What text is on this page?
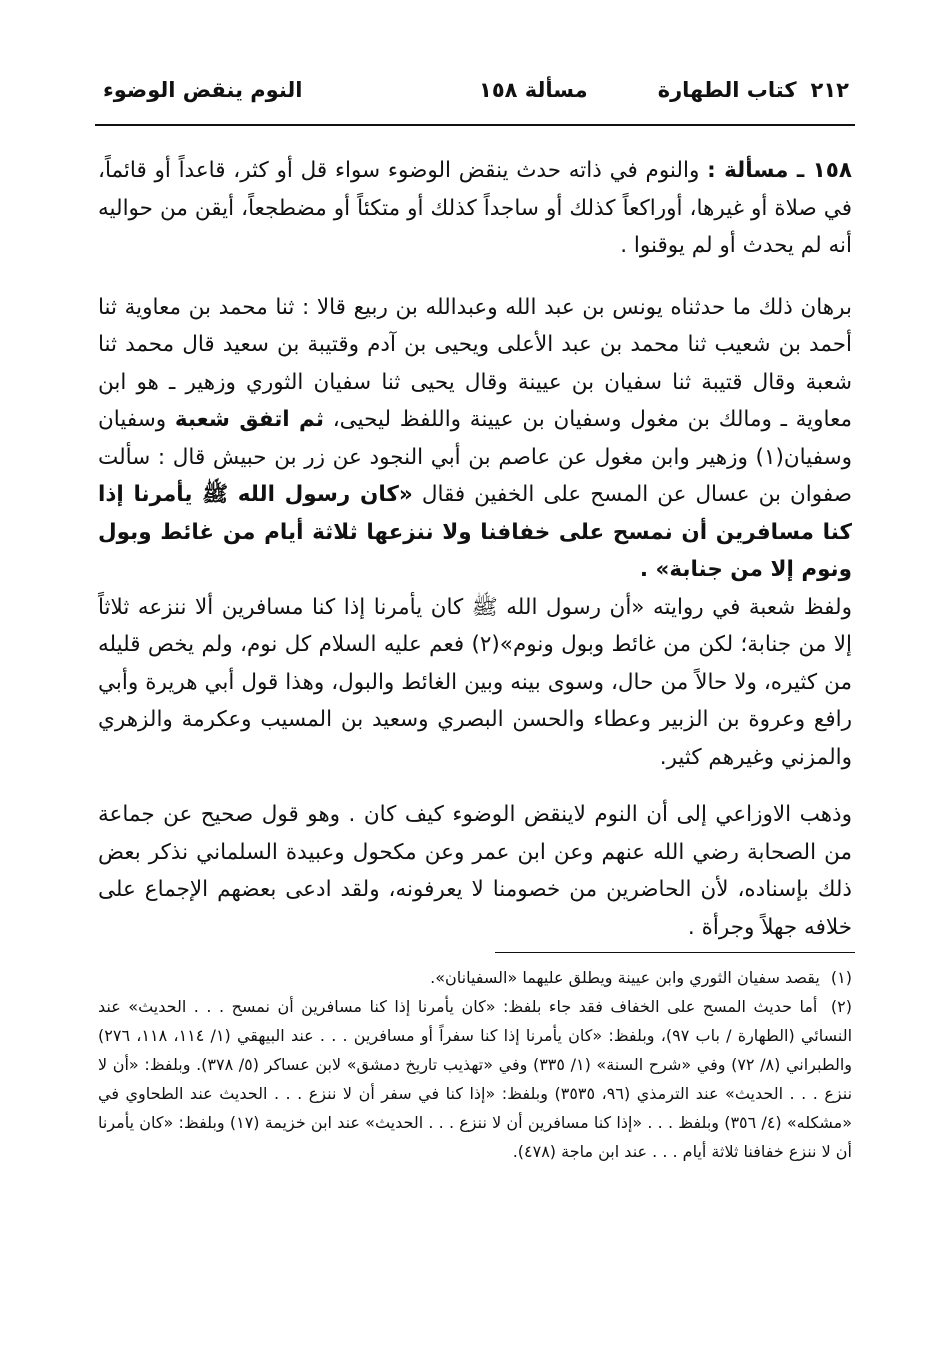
٢١٢
كتاب الطهارة
مسألة ١٥٨
النوم ينقض الوضوء

١٥٨ ـ مسألة : والنوم في ذاته حدث ينقض الوضوء سواء قل أو كثر، قاعداً أو قائماً، في صلاة أو غيرها، أوراكعاً كذلك أو ساجداً كذلك أو متكئاً أو مضطجعاً، أيقن من حواليه أنه لم يحدث أو لم يوقنوا .

برهان ذلك ما حدثناه يونس بن عبد الله وعبدالله بن ربيع قالا : ثنا محمد بن معاوية ثنا أحمد بن شعيب ثنا محمد بن عبد الأعلى ويحيى بن آدم وقتيبة بن سعيد قال محمد ثنا شعبة وقال قتيبة ثنا سفيان بن عيينة وقال يحيى ثنا سفيان الثوري وزهير ـ هو ابن معاوية ـ ومالك بن مغول وسفيان بن عيينة واللفظ ليحيى، ثم اتفق شعبة وسفيان وسفيان(١) وزهير وابن مغول عن عاصم بن أبي النجود عن زر بن حبيش قال : سألت صفوان بن عسال عن المسح على الخفين فقال «كان رسول الله ﷺ يأمرنا إذا كنا مسافرين أن نمسح على خفافنا ولا ننزعها ثلاثة أيام من غائط وبول ونوم إلا من جنابة» .

ولفظ شعبة في روايته «أن رسول الله ﷺ كان يأمرنا إذا كنا مسافرين ألا ننزعه ثلاثاً إلا من جنابة؛ لكن من غائط وبول ونوم»(٢) فعم عليه السلام كل نوم، ولم يخص قليله من كثيره، ولا حالاً من حال، وسوى بينه وبين الغائط والبول، وهذا قول أبي هريرة وأبي رافع وعروة بن الزبير وعطاء والحسن البصري وسعيد بن المسيب وعكرمة والزهري والمزني وغيرهم كثير.

وذهب الاوزاعي إلى أن النوم لاينقض الوضوء كيف كان . وهو قول صحيح عن جماعة من الصحابة رضي الله عنهم وعن ابن عمر وعن مكحول وعبيدة السلماني نذكر بعض ذلك بإسناده، لأن الحاضرين من خصومنا لا يعرفونه، ولقد ادعى بعضهم الإجماع على خلافه جهلاً وجرأة .

(١) يقصد سفيان الثوري وابن عيينة ويطلق عليهما «السفيانان».

(٢) أما حديث المسح على الخفاف فقد جاء بلفظ: «كان يأمرنا إذا كنا مسافرين أن نمسح . . . الحديث» عند النسائي (الطهارة / باب ٩٧)، وبلفظ: «كان يأمرنا إذا كنا سفراً أو مسافرين . . . عند البيهقي (١/ ١١٤، ١١٨، ٢٧٦) والطبراني (٨/ ٧٢) وفي «شرح السنة» (١/ ٣٣٥) وفي «تهذيب تاريخ دمشق» لابن عساكر (٥/ ٣٧٨). وبلفظ: «أن لا ننزع . . . الحديث» عند الترمذي (٩٦، ٣٥٣٥) وبلفظ: «إذا كنا في سفر أن لا ننزع . . . الحديث عند الطحاوي في «مشكله» (٤/ ٣٥٦) وبلفظ . . . «إذا كنا مسافرين أن لا ننزع . . . الحديث» عند ابن خزيمة (١٧) وبلفظ: «كان يأمرنا أن لا ننزع خفافنا ثلاثة أيام . . . عند ابن ماجة (٤٧٨).
